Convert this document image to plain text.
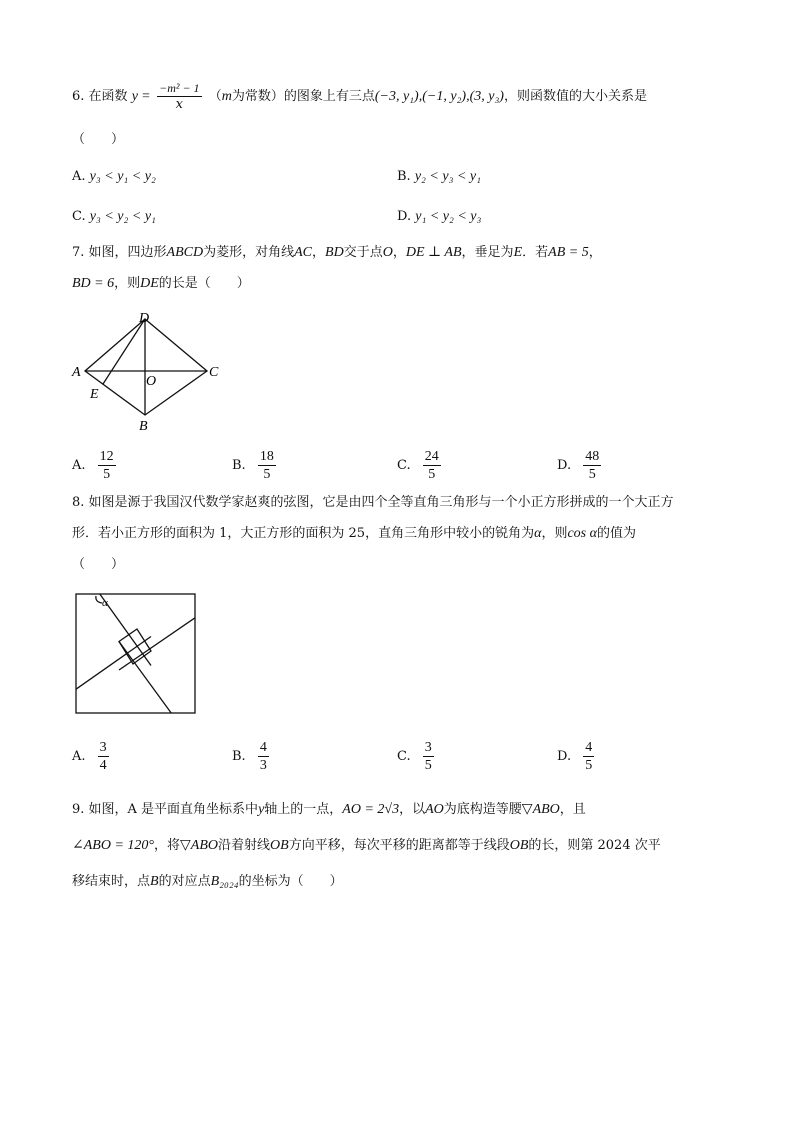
6. 在函数 $y = \frac{\text{−m² − 1}}{x} (m$为常数）的图象上有三点(−3, y₁),(−1, y₂),(3, y₃)，则函数值的大小关系是
（　　）
A. y₃ < y₁ < y₂	B. y₂ < y₃ < y₁
C. y₃ < y₂ < y₁	D. y₁ < y₂ < y₃
7. 如图，四边形ABCD为菱形，对角线AC，BD交于点O，DE ⊥ AB，垂足为E．若AB = 5，
BD = 6，则DE的长是（　　）
D
A	C
O
E
B
A. $\frac{12}{5}$	B. $\frac{18}{5}$	C. $\frac{24}{5}$	D. $\frac{48}{5}$
8. 如图是源于我国汉代数学家赵爽的弦图，它是由四个全等直角三角形与一个小正方形拼成的一个大正方
形．若小正方形的面积为 1，大正方形的面积为 25，直角三角形中较小的锐角为α，则cos α的值为
（　　）
α
A. $\frac{3}{4}$	B. $\frac{4}{3}$	C. $\frac{3}{5}$	D. $\frac{4}{5}$
9. 如图，A 是平面直角坐标系中y轴上的一点，AO = 2√3，以AO为底构造等腰▽ABO，且
∠ABO = 120°，将▽ABO沿着射线OB方向平移，每次平移的距离都等于线段OB的长，则第 2024 次平
移结束时，点B的对应点B₂₀₂₄的坐标为（　　）
